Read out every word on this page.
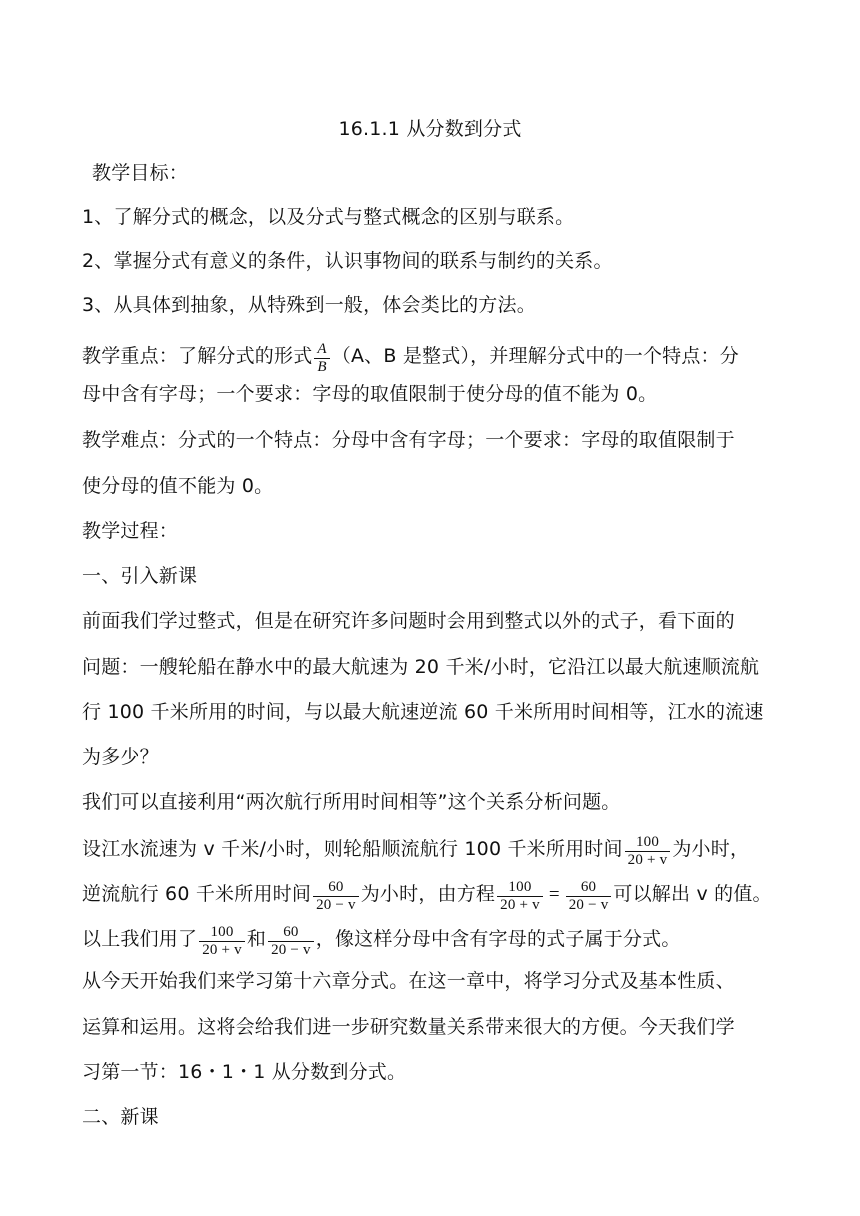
16.1.1 从分数到分式
教学目标：
1、了解分式的概念，以及分式与整式概念的区别与联系。
2、掌握分式有意义的条件，认识事物间的联系与制约的关系。
3、从具体到抽象，从特殊到一般，体会类比的方法。
教学重点：了解分式的形式 $\frac{A}{B} (A$、B 是整式），并理解分式中的一个特点：分
母中含有字母；一个要求：字母的取值限制于使分母的值不能为 0。
教学难点：分式的一个特点：分母中含有字母；一个要求：字母的取值限制于
使分母的值不能为 0。
教学过程：
一、引入新课
前面我们学过整式，但是在研究许多问题时会用到整式以外的式子，看下面的
问题：一艘轮船在静水中的最大航速为 20 千米/小时，它沿江以最大航速顺流航
行 100 千米所用的时间，与以最大航速逆流 60 千米所用时间相等，江水的流速
为多少？
我们可以直接利用“两次航行所用时间相等”这个关系分析问题。
设江水流速为 v 千米/小时，则轮船顺流航行 100 千米所用时间 $\frac{100}{20 + v}$ 为小时，
逆流航行 60 千米所用时间 $\frac{60}{20 - v}$ 为小时，由方程 $\frac{100}{20 + v} = \frac{60}{20 - v}$ 可以解出 v 的值。
以上我们用了 $\frac{100}{20 + v}$ 和 $\frac{60}{20 - v}$ ，像这样分母中含有字母的式子属于分式。
从今天开始我们来学习第十六章分式。在这一章中，将学习分式及基本性质、
运算和运用。这将会给我们进一步研究数量关系带来很大的方便。今天我们学
习第一节：16・1・1 从分数到分式。
二、新课
